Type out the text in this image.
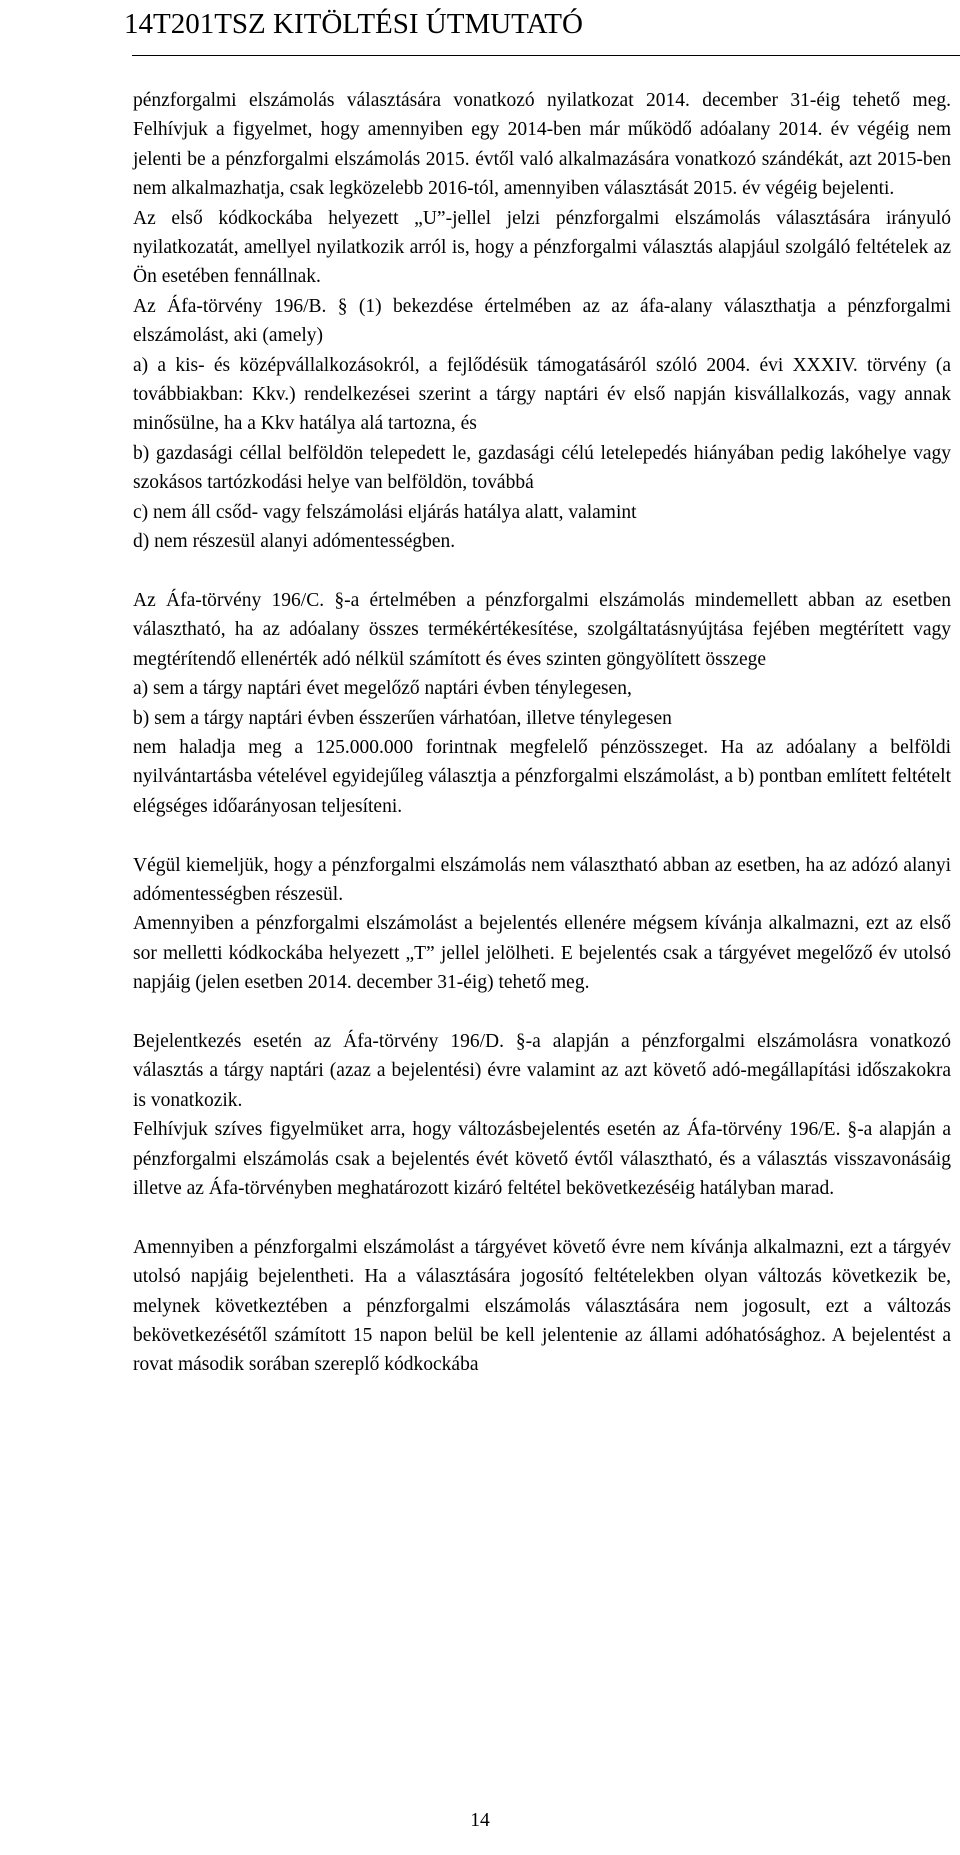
14T201TSZ KITÖLTÉSI ÚTMUTATÓ

pénzforgalmi elszámolás választására vonatkozó nyilatkozat 2014. december 31-éig tehető meg. Felhívjuk a figyelmet, hogy amennyiben egy 2014-ben már működő adóalany 2014. év végéig nem jelenti be a pénzforgalmi elszámolás 2015. évtől való alkalmazására vonatkozó szándékát, azt 2015-ben nem alkalmazhatja, csak legközelebb 2016-tól, amennyiben választását 2015. év végéig bejelenti.

Az első kódkockába helyezett „U”-jellel jelzi pénzforgalmi elszámolás választására irányuló nyilatkozatát, amellyel nyilatkozik arról is, hogy a pénzforgalmi választás alapjául szolgáló feltételek az Ön esetében fennállnak.

Az Áfa-törvény 196/B. § (1) bekezdése értelmében az az áfa-alany választhatja a pénzforgalmi elszámolást, aki (amely)

a) a kis- és középvállalkozásokról, a fejlődésük támogatásáról szóló 2004. évi XXXIV. törvény (a továbbiakban: Kkv.) rendelkezései szerint a tárgy naptári év első napján kisvállalkozás, vagy annak minősülne, ha a Kkv hatálya alá tartozna, és

b) gazdasági céllal belföldön telepedett le, gazdasági célú letelepedés hiányában pedig lakóhelye vagy szokásos tartózkodási helye van belföldön, továbbá

c) nem áll csőd- vagy felszámolási eljárás hatálya alatt, valamint

d) nem részesül alanyi adómentességben.

Az Áfa-törvény 196/C. §-a értelmében a pénzforgalmi elszámolás mindemellett abban az esetben választható, ha az adóalany összes termékértékesítése, szolgáltatásnyújtása fejében megtérített vagy megtérítendő ellenérték adó nélkül számított és éves szinten göngyölített összege

a) sem a tárgy naptári évet megelőző naptári évben ténylegesen,

b) sem a tárgy naptári évben ésszerűen várhatóan, illetve ténylegesen

nem haladja meg a 125.000.000 forintnak megfelelő pénzösszeget. Ha az adóalany a belföldi nyilvántartásba vételével egyidejűleg választja a pénzforgalmi elszámolást, a b) pontban említett feltételt elégséges időarányosan teljesíteni.

Végül kiemeljük, hogy a pénzforgalmi elszámolás nem választható abban az esetben, ha az adózó alanyi adómentességben részesül.

Amennyiben a pénzforgalmi elszámolást a bejelentés ellenére mégsem kívánja alkalmazni, ezt az első sor melletti kódkockába helyezett „T” jellel jelölheti. E bejelentés csak a tárgyévet megelőző év utolsó napjáig (jelen esetben 2014. december 31-éig) tehető meg.

Bejelentkezés esetén az Áfa-törvény 196/D. §-a alapján a pénzforgalmi elszámolásra vonatkozó választás a tárgy naptári (azaz a bejelentési) évre valamint az azt követő adó-megállapítási időszakokra is vonatkozik.

Felhívjuk szíves figyelmüket arra, hogy változásbejelentés esetén az Áfa-törvény 196/E. §-a alapján a pénzforgalmi elszámolás csak a bejelentés évét követő évtől választható, és a választás visszavonásáig illetve az Áfa-törvényben meghatározott kizáró feltétel bekövetkezéséig hatályban marad.

Amennyiben a pénzforgalmi elszámolást a tárgyévet követő évre nem kívánja alkalmazni, ezt a tárgyév utolsó napjáig bejelentheti. Ha a választására jogosító feltételekben olyan változás következik be, melynek következtében a pénzforgalmi elszámolás választására nem jogosult, ezt a változás bekövetkezésétől számított 15 napon belül be kell jelentenie az állami adóhatósághoz. A bejelentést a rovat második sorában szereplő kódkockába

14
